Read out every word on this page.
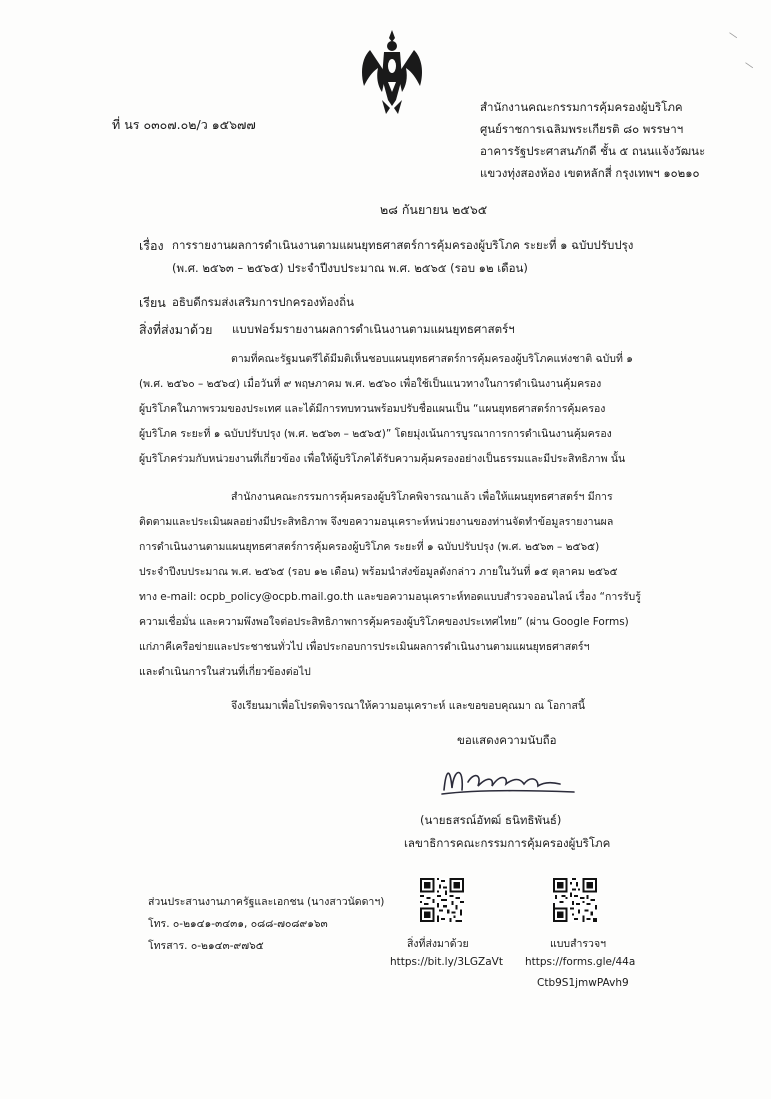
ที่ นร ๐๓๐๗.๐๒/ว ๑๕๖๗๗
สำนักงานคณะกรรมการคุ้มครองผู้บริโภค
ศูนย์ราชการเฉลิมพระเกียรติ ๘๐ พรรษาฯ
อาคารรัฐประศาสนภักดี ชั้น ๕ ถนนแจ้งวัฒนะ
แขวงทุ่งสองห้อง เขตหลักสี่ กรุงเทพฯ ๑๐๒๑๐
๒๘ กันยายน ๒๕๖๕
เรื่อง การรายงานผลการดำเนินงานตามแผนยุทธศาสตร์การคุ้มครองผู้บริโภค ระยะที่ ๑ ฉบับปรับปรุง
(พ.ศ. ๒๕๖๓ – ๒๕๖๕) ประจำปีงบประมาณ พ.ศ. ๒๕๖๕ (รอบ ๑๒ เดือน)
เรียน อธิบดีกรมส่งเสริมการปกครองท้องถิ่น
สิ่งที่ส่งมาด้วย แบบฟอร์มรายงานผลการดำเนินงานตามแผนยุทธศาสตร์ฯ
ตามที่คณะรัฐมนตรีได้มีมติเห็นชอบแผนยุทธศาสตร์การคุ้มครองผู้บริโภคแห่งชาติ ฉบับที่ ๑
(พ.ศ. ๒๕๖๐ – ๒๕๖๔) เมื่อวันที่ ๙ พฤษภาคม พ.ศ. ๒๕๖๐ เพื่อใช้เป็นแนวทางในการดำเนินงานคุ้มครอง
ผู้บริโภคในภาพรวมของประเทศ และได้มีการทบทวนพร้อมปรับชื่อแผนเป็น “แผนยุทธศาสตร์การคุ้มครอง
ผู้บริโภค ระยะที่ ๑ ฉบับปรับปรุง (พ.ศ. ๒๕๖๓ – ๒๕๖๕)” โดยมุ่งเน้นการบูรณาการการดำเนินงานคุ้มครอง
ผู้บริโภคร่วมกับหน่วยงานที่เกี่ยวข้อง เพื่อให้ผู้บริโภคได้รับความคุ้มครองอย่างเป็นธรรมและมีประสิทธิภาพ นั้น
สำนักงานคณะกรรมการคุ้มครองผู้บริโภคพิจารณาแล้ว เพื่อให้แผนยุทธศาสตร์ฯ มีการ
ติดตามและประเมินผลอย่างมีประสิทธิภาพ จึงขอความอนุเคราะห์หน่วยงานของท่านจัดทำข้อมูลรายงานผล
การดำเนินงานตามแผนยุทธศาสตร์การคุ้มครองผู้บริโภค ระยะที่ ๑ ฉบับปรับปรุง (พ.ศ. ๒๕๖๓ – ๒๕๖๕)
ประจำปีงบประมาณ พ.ศ. ๒๕๖๕ (รอบ ๑๒ เดือน) พร้อมนำส่งข้อมูลดังกล่าว ภายในวันที่ ๑๕ ตุลาคม ๒๕๖๕
ทาง e-mail: ocpb_policy@ocpb.mail.go.th และขอความอนุเคราะห์ทอดแบบสำรวจออนไลน์ เรื่อง “การรับรู้
ความเชื่อมั่น และความพึงพอใจต่อประสิทธิภาพการคุ้มครองผู้บริโภคของประเทศไทย” (ผ่าน Google Forms)
แก่ภาคีเครือข่ายและประชาชนทั่วไป เพื่อประกอบการประเมินผลการดำเนินงานตามแผนยุทธศาสตร์ฯ
และดำเนินการในส่วนที่เกี่ยวข้องต่อไป
จึงเรียนมาเพื่อโปรดพิจารณาให้ความอนุเคราะห์ และขอขอบคุณมา ณ โอกาสนี้
ขอแสดงความนับถือ
(นายธสรณ์อัทฒ์ ธนิทธิพันธ์)
เลขาธิการคณะกรรมการคุ้มครองผู้บริโภค
ส่วนประสานงานภาครัฐและเอกชน (นางสาวนัดดาฯ)
โทร. ๐-๒๑๔๑-๓๔๓๑, ๐๘๘-๗๐๘๙๑๖๓
โทรสาร. ๐-๒๑๔๓-๙๗๖๕	สิ่งที่ส่งมาด้วย
https://bit.ly/3LGZaVt
แบบสำรวจฯ
https://forms.gle/44a
Ctb9S1jmwPAvh9
—
—
